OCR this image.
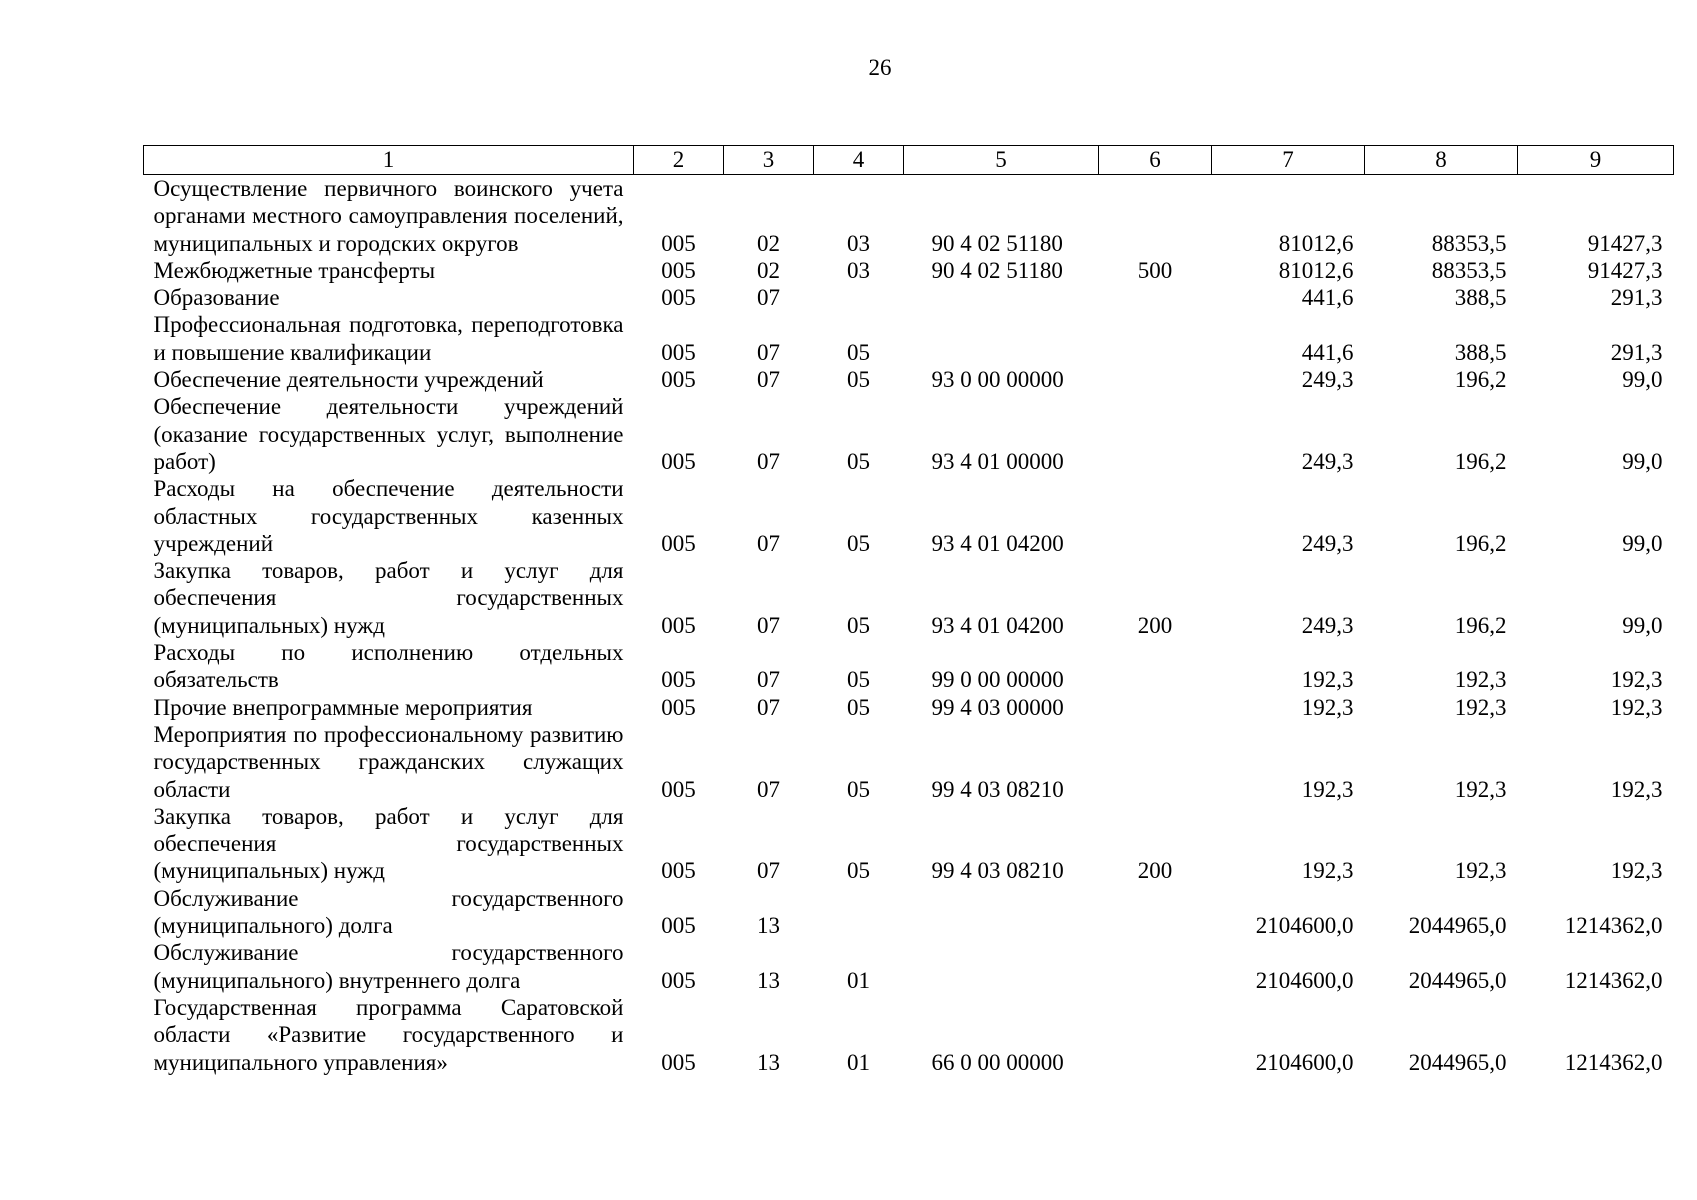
26
1	2	3	4	5	6	7	8	9
Осуществление первичного воинского учета органами местного самоуправления поселений, муниципальных и городских округов	005	02	03	90 4 02 51180		81012,6	88353,5	91427,3
Межбюджетные трансферты	005	02	03	90 4 02 51180	500	81012,6	88353,5	91427,3
Образование	005	07				441,6	388,5	291,3
Профессиональная подготовка, переподготовка и повышение квалификации	005	07	05			441,6	388,5	291,3
Обеспечение деятельности учреждений	005	07	05	93 0 00 00000		249,3	196,2	99,0
Обеспечение деятельности учреждений (оказание государственных услуг, выполнение работ)	005	07	05	93 4 01 00000		249,3	196,2	99,0
Расходы на обеспечение деятельности областных государственных казенных учреждений	005	07	05	93 4 01 04200		249,3	196,2	99,0
Закупка товаров, работ и услуг для обеспечения государственных (муниципальных) нужд	005	07	05	93 4 01 04200	200	249,3	196,2	99,0
Расходы по исполнению отдельных обязательств	005	07	05	99 0 00 00000		192,3	192,3	192,3
Прочие внепрограммные мероприятия	005	07	05	99 4 03 00000		192,3	192,3	192,3
Мероприятия по профессиональному развитию государственных гражданских служащих области	005	07	05	99 4 03 08210		192,3	192,3	192,3
Закупка товаров, работ и услуг для обеспечения государственных (муниципальных) нужд	005	07	05	99 4 03 08210	200	192,3	192,3	192,3
Обслуживание государственного (муниципального) долга	005	13				2104600,0	2044965,0	1214362,0
Обслуживание государственного (муниципального) внутреннего долга	005	13	01			2104600,0	2044965,0	1214362,0
Государственная программа Саратовской области «Развитие государственного и муниципального управления»	005	13	01	66 0 00 00000		2104600,0	2044965,0	1214362,0
